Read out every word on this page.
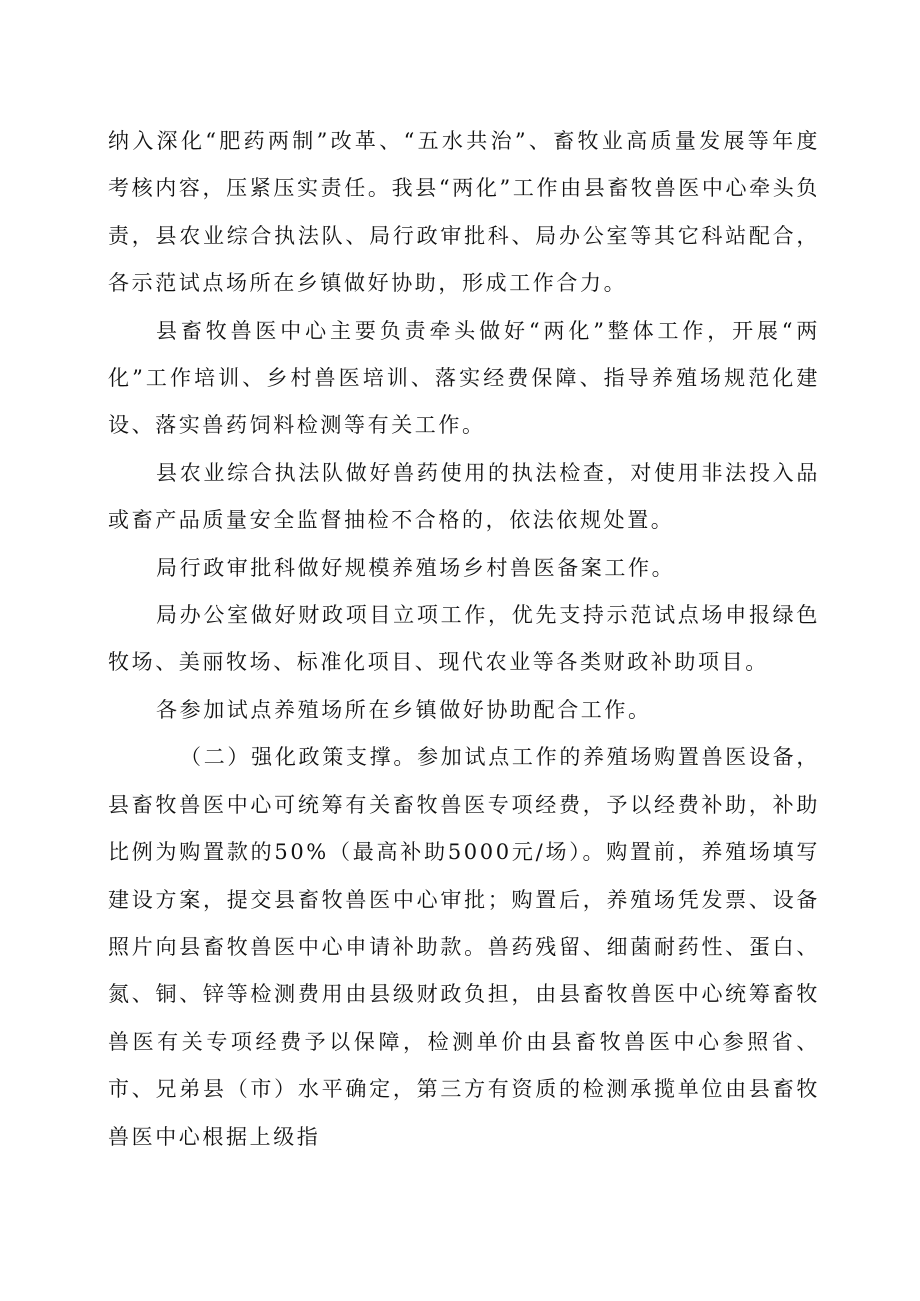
纳入深化“肥药两制”改革、“五水共治”、畜牧业高质量发展等年度考核内容，压紧压实责任。我县“两化”工作由县畜牧兽医中心牵头负责，县农业综合执法队、局行政审批科、局办公室等其它科站配合，各示范试点场所在乡镇做好协助，形成工作合力。

县畜牧兽医中心主要负责牵头做好“两化”整体工作，开展“两化”工作培训、乡村兽医培训、落实经费保障、指导养殖场规范化建设、落实兽药饲料检测等有关工作。

县农业综合执法队做好兽药使用的执法检查，对使用非法投入品或畜产品质量安全监督抽检不合格的，依法依规处置。

局行政审批科做好规模养殖场乡村兽医备案工作。

局办公室做好财政项目立项工作，优先支持示范试点场申报绿色牧场、美丽牧场、标准化项目、现代农业等各类财政补助项目。

各参加试点养殖场所在乡镇做好协助配合工作。

（二）强化政策支撑。参加试点工作的养殖场购置兽医设备，县畜牧兽医中心可统筹有关畜牧兽医专项经费，予以经费补助，补助比例为购置款的50%（最高补助5000元/场）。购置前，养殖场填写建设方案，提交县畜牧兽医中心审批；购置后，养殖场凭发票、设备照片向县畜牧兽医中心申请补助款。兽药残留、细菌耐药性、蛋白、氮、铜、锌等检测费用由县级财政负担，由县畜牧兽医中心统筹畜牧兽医有关专项经费予以保障，检测单价由县畜牧兽医中心参照省、市、兄弟县（市）水平确定，第三方有资质的检测承揽单位由县畜牧兽医中心根据上级指
